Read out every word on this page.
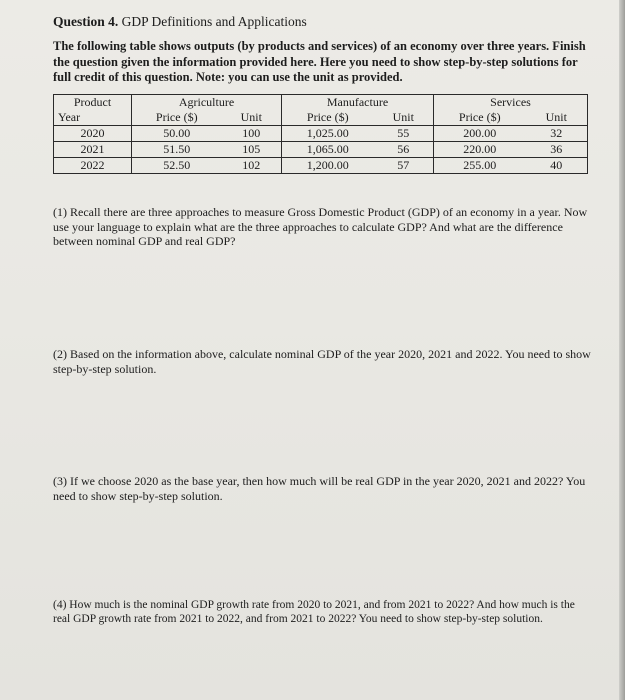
Question 4. GDP Definitions and Applications

The following table shows outputs (by products and services) of an economy over three years. Finish the question given the information provided here. Here you need to show step-by-step solutions for full credit of this question. Note: you can use the unit as provided.

Product	Agriculture		Manufacture		Services	
Year	Price ($)	Unit	Price ($)	Unit	Price ($)	Unit
2020	50.00	100	1,025.00	55	200.00	32
2021	51.50	105	1,065.00	56	220.00	36
2022	52.50	102	1,200.00	57	255.00	40

(1) Recall there are three approaches to measure Gross Domestic Product (GDP) of an economy in a year. Now use your language to explain what are the three approaches to calculate GDP? And what are the difference between nominal GDP and real GDP?

(2) Based on the information above, calculate nominal GDP of the year 2020, 2021 and 2022. You need to show step-by-step solution.

(3) If we choose 2020 as the base year, then how much will be real GDP in the year 2020, 2021 and 2022? You need to show step-by-step solution.

(4) How much is the nominal GDP growth rate from 2020 to 2021, and from 2021 to 2022? And how much is the real GDP growth rate from 2021 to 2022, and from 2021 to 2022? You need to show step-by-step solution.
